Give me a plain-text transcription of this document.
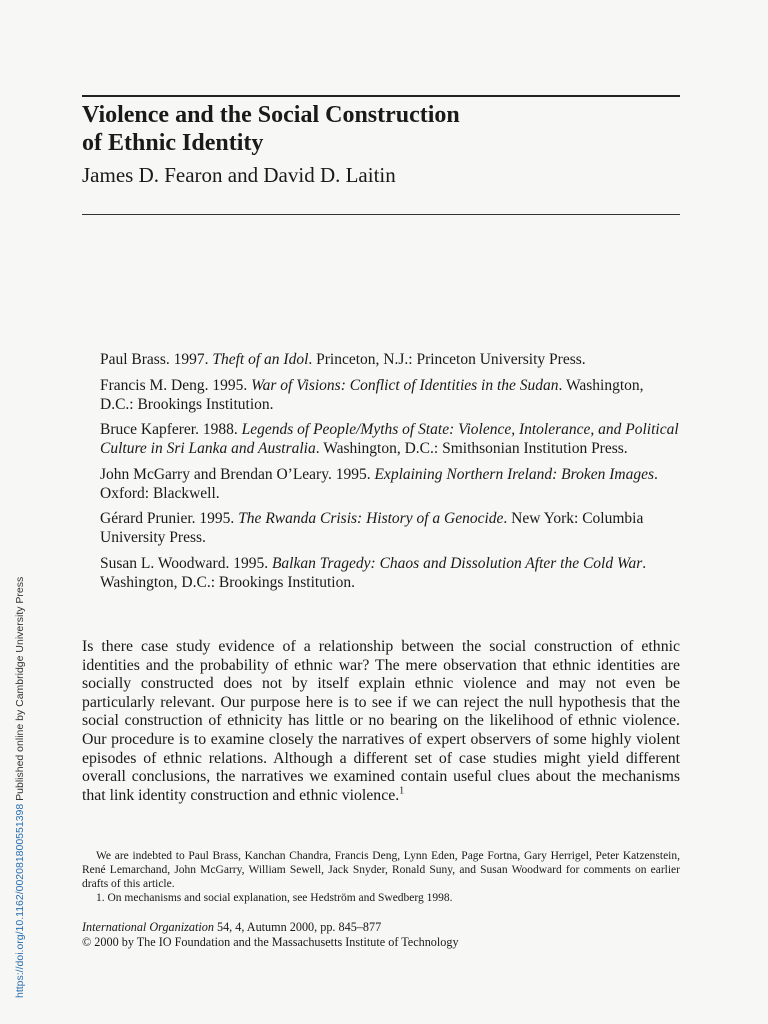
Violence and the Social Construction
of Ethnic Identity

James D. Fearon and David D. Laitin

Paul Brass. 1997. Theft of an Idol. Princeton, N.J.: Princeton University Press.

Francis M. Deng. 1995. War of Visions: Conflict of Identities in the Sudan. Washington, D.C.: Brookings Institution.

Bruce Kapferer. 1988. Legends of People/Myths of State: Violence, Intolerance, and Political Culture in Sri Lanka and Australia. Washington, D.C.: Smithsonian Institution Press.

John McGarry and Brendan O’Leary. 1995. Explaining Northern Ireland: Broken Images. Oxford: Blackwell.

Gérard Prunier. 1995. The Rwanda Crisis: History of a Genocide. New York: Columbia University Press.

Susan L. Woodward. 1995. Balkan Tragedy: Chaos and Dissolution After the Cold War. Washington, D.C.: Brookings Institution.

Is there case study evidence of a relationship between the social construction of ethnic identities and the probability of ethnic war? The mere observation that ethnic identities are socially constructed does not by itself explain ethnic violence and may not even be particularly relevant. Our purpose here is to see if we can reject the null hypothesis that the social construction of ethnicity has little or no bearing on the likelihood of ethnic violence. Our procedure is to examine closely the narratives of expert observers of some highly violent episodes of ethnic relations. Although a different set of case studies might yield different overall conclusions, the narratives we examined contain useful clues about the mechanisms that link identity construction and ethnic violence.$^1$

We are indebted to Paul Brass, Kanchan Chandra, Francis Deng, Lynn Eden, Page Fortna, Gary Herrigel, Peter Katzenstein, René Lemarchand, John McGarry, William Sewell, Jack Snyder, Ronald Suny, and Susan Woodward for comments on earlier drafts of this article.

1. On mechanisms and social explanation, see Hedström and Swedberg 1998.

International Organization 54, 4, Autumn 2000, pp. 845–877
© 2000 by The IO Foundation and the Massachusetts Institute of Technology
https://doi.org/10.1162/002081800551398 Published online by Cambridge University Press
